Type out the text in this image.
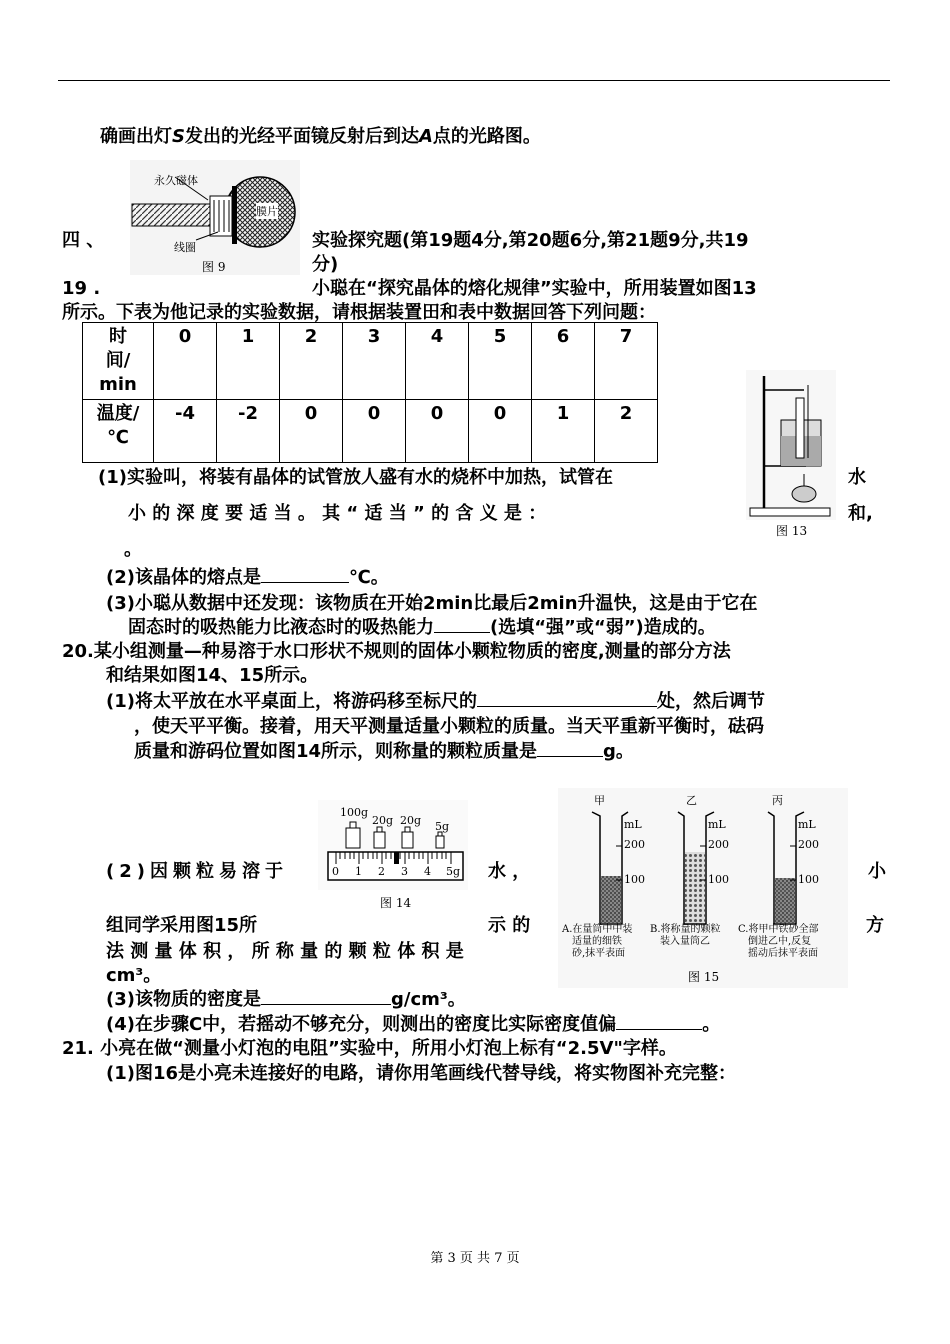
确画出灯S发出的光经平面镜反射后到达A点的光路图。
永久磁体
膜片
线圈
图 9
四 、	实验探究题(第19题4分,第20题6分,第21题9分,共19
分)
19 .	小聪在“探究晶体的熔化规律”实验中，所用装置如图13
所示。下表为他记录的实验数据，请根据装置田和表中数据回答下列问题：
时
间/
min	0	1	2	3	4	5	6	7

温度/
℃	-4	-2	0	0	0	0	1	2
图 13
(1)实验叫，将装有晶体的试管放人盛有水的烧杯中加热，试管在	水
小 的 深 度 要 适 当 。 其 “ 适 当 ” 的 含 义 是 ：	和,
。
(2)该晶体的熔点是	℃。
(3)小聪从数据中还发现：该物质在开始2min比最后2min升温快，这是由于它在
固态时的吸热能力比液态时的吸热能力	(选填“强”或“弱”)造成的。
20.某小组测量—种易溶于水口形状不规则的固体小颗粒物质的密度,测量的部分方法
和结果如图14、15所示。
(1)将太平放在水平桌面上，将游码移至标尺的	处，然后调节
，使天平平衡。接着，用天平测量适量小颗粒的质量。当天平重新平衡时，砝码
质量和游码位置如图14所示，则称量的颗粒质量是	g。
100g
20g 20g 5g
0 1 2 3 4 5g
图 14
甲	乙	丙
mL	mL	mL
200
100
200
100
200
100
A.在量筒中中装
适量的细铁
砂,抹平表面
B.将称量的颗粒
装入量筒乙
C.将甲中铁砂全部
倒进乙中,反复
摇动后抹平表面
图 15
(2)因颗粒易溶于	水 ，	小
组同学采用图15所	示 的	方
法 测 量 体 积 ， 所 称 量 的 颗 粒 体 积 是
cm³。
(3)该物质的密度是	g/cm³。
(4)在步骤C中，若摇动不够充分，则测出的密度比实际密度值偏	。
21. 小亮在做“测量小灯泡的电阻”实验中，所用小灯泡上标有“2.5V"字样。
(1)图16是小亮未连接好的电路，请你用笔画线代替导线，将实物图补充完整：
第 3 页 共 7 页
